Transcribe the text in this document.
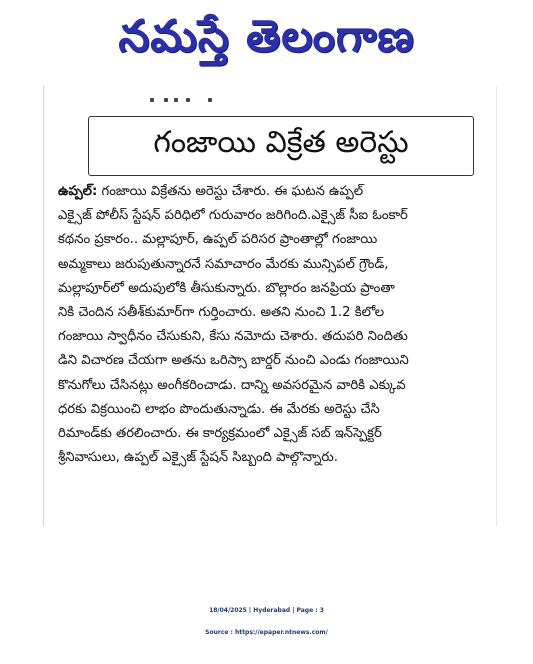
నమస్తే తెలంగాణ
గంజాయి విక్రేత అరెస్టు
ఉప్పల్: గంజాయి విక్రేతను అరెస్టు చేశారు. ఈ ఘటన ఉప్పల్
ఎక్సైజ్ పోలీస్ స్టేషన్ పరిధిలో గురువారం జరిగింది.ఎక్సైజ్ సీఐ ఓంకార్
కథనం ప్రకారం.. మల్లాపూర్, ఉప్పల్ పరిసర ప్రాంతాల్లో గంజాయి
అమ్మకాలు జరుపుతున్నారనే సమాచారం మేరకు మున్సిపల్ గ్రౌండ్,
మల్లాపూర్‌లో అదుపులోకి తీసుకున్నారు. బొల్లారం జనప్రియ ప్రాంతా
నికి చెందిన సతీశ్‌కుమార్‌గా గుర్తించారు. అతని నుంచి 1.2 కిలోల
గంజాయి స్వాధీనం చేసుకుని, కేసు నమోదు చెశారు. తదుపరి నిందితు
డిని విచారణ చేయగా అతను ఒరిస్సా బార్డర్ నుంచి ఎండు గంజాయిని
కొనుగోలు చేసినట్లు అంగీకరించాడు. దాన్ని అవసరమైన వారికి ఎక్కువ
ధరకు విక్రయించి లాభం పొందుతున్నాడు. ఈ మేరకు అరెస్టు చేసి
రిమాండ్‌కు తరలించారు. ఈ కార్యక్రమంలో ఎక్సైజ్ సబ్ ఇన్‌స్పెక్టర్
శ్రీనివాసులు, ఉప్పల్ ఎక్సైజ్ స్టేషన్ సిబ్బంది పాల్గొన్నారు.
18/04/2025 | Hyderabad | Page : 3
Source : https://epaper.ntnews.com/
